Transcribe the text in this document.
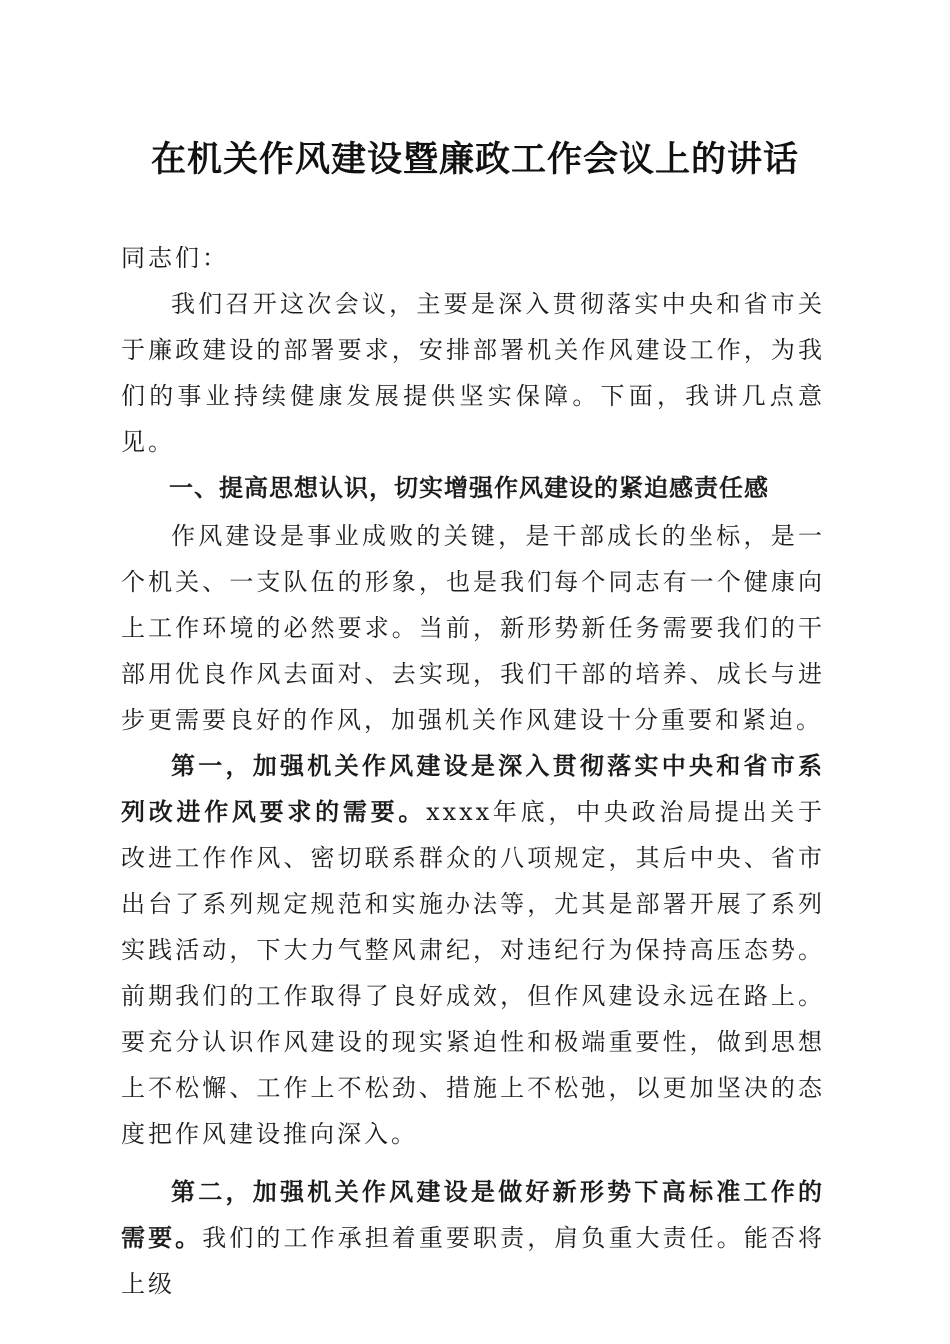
在机关作风建设暨廉政工作会议上的讲话

同志们：

我们召开这次会议，主要是深入贯彻落实中央和省市关于廉政建设的部署要求，安排部署机关作风建设工作，为我们的事业持续健康发展提供坚实保障。下面，我讲几点意见。

一、提高思想认识，切实增强作风建设的紧迫感责任感

作风建设是事业成败的关键，是干部成长的坐标，是一个机关、一支队伍的形象，也是我们每个同志有一个健康向上工作环境的必然要求。当前，新形势新任务需要我们的干部用优良作风去面对、去实现，我们干部的培养、成长与进步更需要良好的作风，加强机关作风建设十分重要和紧迫。

第一，加强机关作风建设是深入贯彻落实中央和省市系列改进作风要求的需要。xxxx年底，中央政治局提出关于改进工作作风、密切联系群众的八项规定，其后中央、省市出台了系列规定规范和实施办法等，尤其是部署开展了系列实践活动，下大力气整风肃纪，对违纪行为保持高压态势。前期我们的工作取得了良好成效，但作风建设永远在路上。要充分认识作风建设的现实紧迫性和极端重要性，做到思想上不松懈、工作上不松劲、措施上不松弛，以更加坚决的态度把作风建设推向深入。

第二，加强机关作风建设是做好新形势下高标准工作的需要。我们的工作承担着重要职责，肩负重大责任。能否将上级
